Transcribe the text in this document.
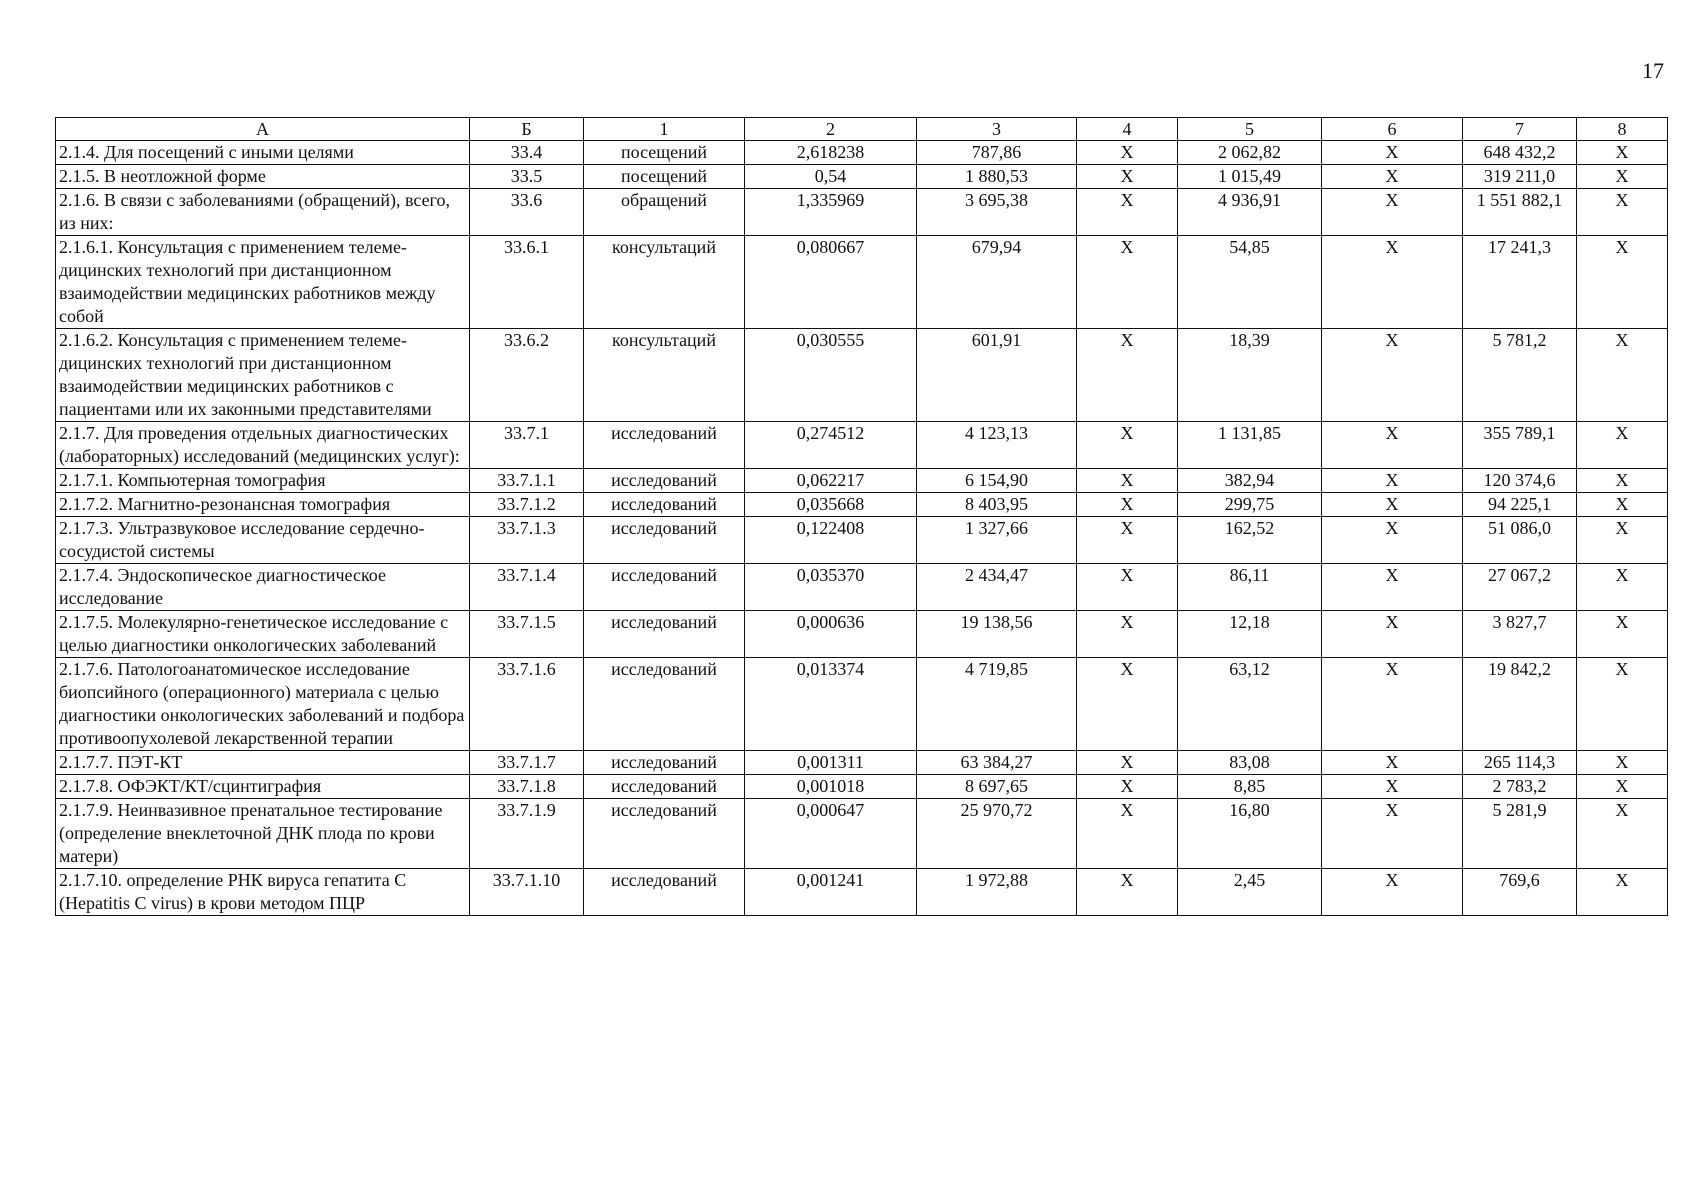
17
А	Б	1	2	3	4	5	6	7	8
2.1.4. Для посещений с иными целями	33.4	посещений	2,618238	787,86	Х	2 062,82	Х	648 432,2	Х
2.1.5. В неотложной форме	33.5	посещений	0,54	1 880,53	Х	1 015,49	Х	319 211,0	Х
2.1.6. В связи с заболеваниями (обращений), всего, из них:	33.6	обращений	1,335969	3 695,38	Х	4 936,91	Х	1 551 882,1	Х
2.1.6.1. Консультация с применением телемедицинских технологий при дистанционном взаимодействии медицинских работников между собой	33.6.1	консультаций	0,080667	679,94	Х	54,85	Х	17 241,3	Х
2.1.6.2. Консультация с применением телемедицинских технологий при дистанционном взаимодействии медицинских работников с пациентами или их законными представителями	33.6.2	консультаций	0,030555	601,91	Х	18,39	Х	5 781,2	Х
2.1.7. Для проведения отдельных диагностических (лабораторных) исследований (медицинских услуг):	33.7.1	исследований	0,274512	4 123,13	Х	1 131,85	Х	355 789,1	Х
2.1.7.1. Компьютерная томография	33.7.1.1	исследований	0,062217	6 154,90	Х	382,94	Х	120 374,6	Х
2.1.7.2. Магнитно-резонансная томография	33.7.1.2	исследований	0,035668	8 403,95	Х	299,75	Х	94 225,1	Х
2.1.7.3. Ультразвуковое исследование сердечно-сосудистой системы	33.7.1.3	исследований	0,122408	1 327,66	Х	162,52	Х	51 086,0	Х
2.1.7.4. Эндоскопическое диагностическое исследование	33.7.1.4	исследований	0,035370	2 434,47	Х	86,11	Х	27 067,2	Х
2.1.7.5. Молекулярно-генетическое исследование с целью диагностики онкологических заболеваний	33.7.1.5	исследований	0,000636	19 138,56	Х	12,18	Х	3 827,7	Х
2.1.7.6. Патологоанатомическое исследование биопсийного (операционного) материала с целью диагностики онкологических заболеваний и подбора противоопухолевой лекарственной терапии	33.7.1.6	исследований	0,013374	4 719,85	Х	63,12	Х	19 842,2	Х
2.1.7.7. ПЭТ-КТ	33.7.1.7	исследований	0,001311	63 384,27	Х	83,08	Х	265 114,3	Х
2.1.7.8. ОФЭКТ/КТ/сцинтиграфия	33.7.1.8	исследований	0,001018	8 697,65	Х	8,85	Х	2 783,2	Х
2.1.7.9. Неинвазивное пренатальное тестирование (определение внеклеточной ДНК плода по крови матери)	33.7.1.9	исследований	0,000647	25 970,72	Х	16,80	Х	5 281,9	Х
2.1.7.10. определение РНК вируса гепатита С (Hepatitis C virus) в крови методом ПЦР	33.7.1.10	исследований	0,001241	1 972,88	Х	2,45	Х	769,6	Х
